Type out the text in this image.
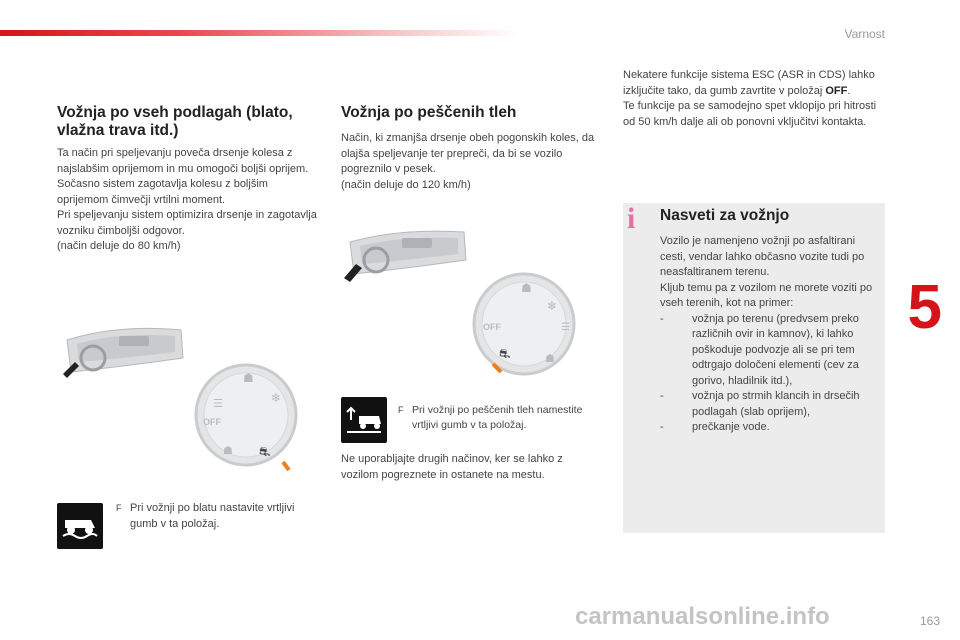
Varnost
5
Vožnja po vseh podlagah (blato, vlažna trava itd.)

Ta način pri speljevanju poveča drsenje kolesa z najslabšim oprijemom in mu omogoči boljši oprijem. Sočasno sistem zagotavlja kolesu z boljšim oprijemom čimvečji vrtilni moment.

Pri speljevanju sistem optimizira drsenje in zagotavlja vozniku čimboljši odgovor.

(način deluje do 80 km/h)

OFF
☗
❄
☰
☗ ⛐
F Pri vožnji po blatu nastavite vrtljivi gumb v ta položaj.
Vožnja po peščenih tleh

Način, ki zmanjša drsenje obeh pogonskih koles, da olajša speljevanje ter prepreči, da bi se vozilo pogreznilo v pesek.

(način deluje do 120 km/h)

OFF
☗
❄
☰
⛐	☗
F Pri vožnji po peščenih tleh namestite vrtljivi gumb v ta položaj.
Ne uporabljajte drugih načinov, ker se lahko z vozilom pogreznete in ostanete na mestu.

Nekatere funkcije sistema ESC (ASR in CDS) lahko izključite tako, da gumb zavrtite v položaj OFF.

Te funkcije pa se samodejno spet vklopijo pri hitrosti od 50 km/h dalje ali ob ponovni vključitvi kontakta.

i Nasveti za vožnjo

Vozilo je namenjeno vožnji po asfaltirani cesti, vendar lahko občasno vozite tudi po neasfaltiranem terenu.

Kljub temu pa z vozilom ne morete voziti po vseh terenih, kot na primer:

-	vožnja po terenu (predvsem preko različnih ovir in kamnov), ki lahko poškoduje podvozje ali se pri tem odtrgajo določeni elementi (cev za gorivo, hladilnik itd.),
-	vožnja po strmih klancih in drsečih podlagah (slab oprijem),
-	prečkanje vode.
carmanualsonline.info	163
